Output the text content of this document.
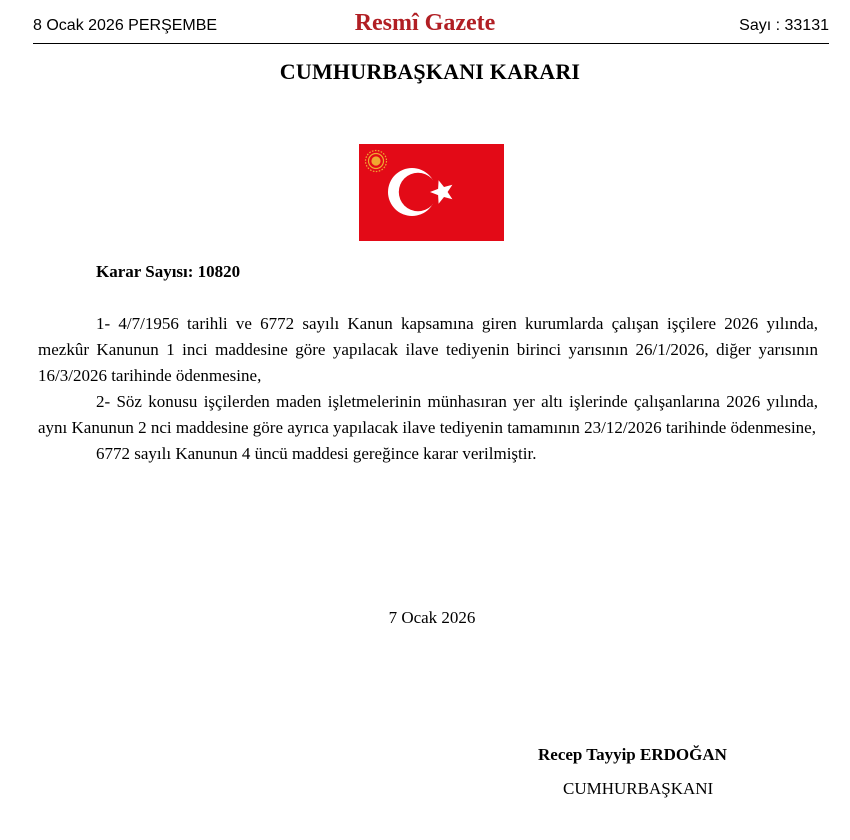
8 Ocak 2026 PERŞEMBE	Resmî Gazete	Sayı : 33131
CUMHURBAŞKANI KARARI
Karar Sayısı: 10820

1- 4/7/1956 tarihli ve 6772 sayılı Kanun kapsamına giren kurumlarda çalışan işçilere 2026 yılında, mezkûr Kanunun 1 inci maddesine göre yapılacak ilave tediyenin birinci yarısının 26/1/2026, diğer yarısının 16/3/2026 tarihinde ödenmesine,

2- Söz konusu işçilerden maden işletmelerinin münhasıran yer altı işlerinde çalışanlarına 2026 yılında, aynı Kanunun 2 nci maddesine göre ayrıca yapılacak ilave tediyenin tamamının 23/12/2026 tarihinde ödenmesine,

6772 sayılı Kanunun 4 üncü maddesi gereğince karar verilmiştir.

7 Ocak 2026
Recep Tayyip ERDOĞAN
CUMHURBAŞKANI
